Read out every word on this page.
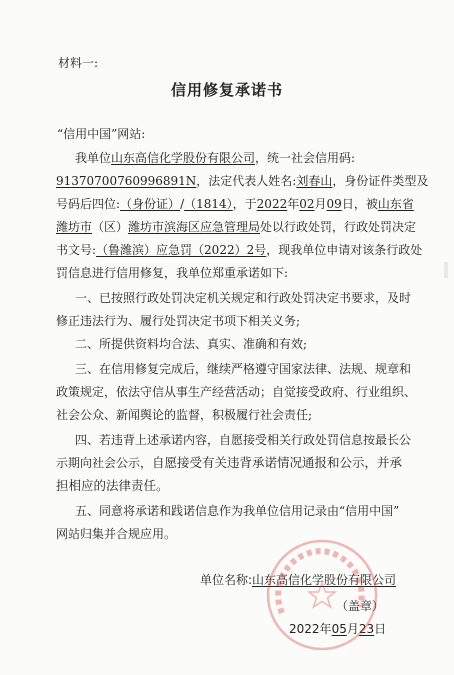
材料一:
信用修复承诺书
“信用中国”网站:
我单位山东高信化学股份有限公司，统一社会信用码:
91370700760996891N，法定代表人姓名:刘春山，身份证件类型及
号码后四位:（身份证）/（1814），于2022年02月09日，被山东省
潍坊市（区）潍坊市滨海区应急管理局处以行政处罚，行政处罚决定
书文号:（鲁潍滨）应急罚（2022）2号，现我单位申请对该条行政处
罚信息进行信用修复，我单位郑重承诺如下:
一、已按照行政处罚决定机关规定和行政处罚决定书要求，及时
修正违法行为、履行处罚决定书项下相关义务;
二、所提供资料均合法、真实、准确和有效;
三、在信用修复完成后，继续严格遵守国家法律、法规、规章和
政策规定，依法守信从事生产经营活动；自觉接受政府、行业组织、
社会公众、新闻舆论的监督，积极履行社会责任;
四、若违背上述承诺内容，自愿接受相关行政处罚信息按最长公
示期向社会公示，自愿接受有关违背承诺情况通报和公示，并承
担相应的法律责任。
五、同意将承诺和践诺信息作为我单位信用记录由“信用中国”
网站归集并合规应用。
单位名称:山东高信化学股份有限公司
（盖章）
2022年05月23日
